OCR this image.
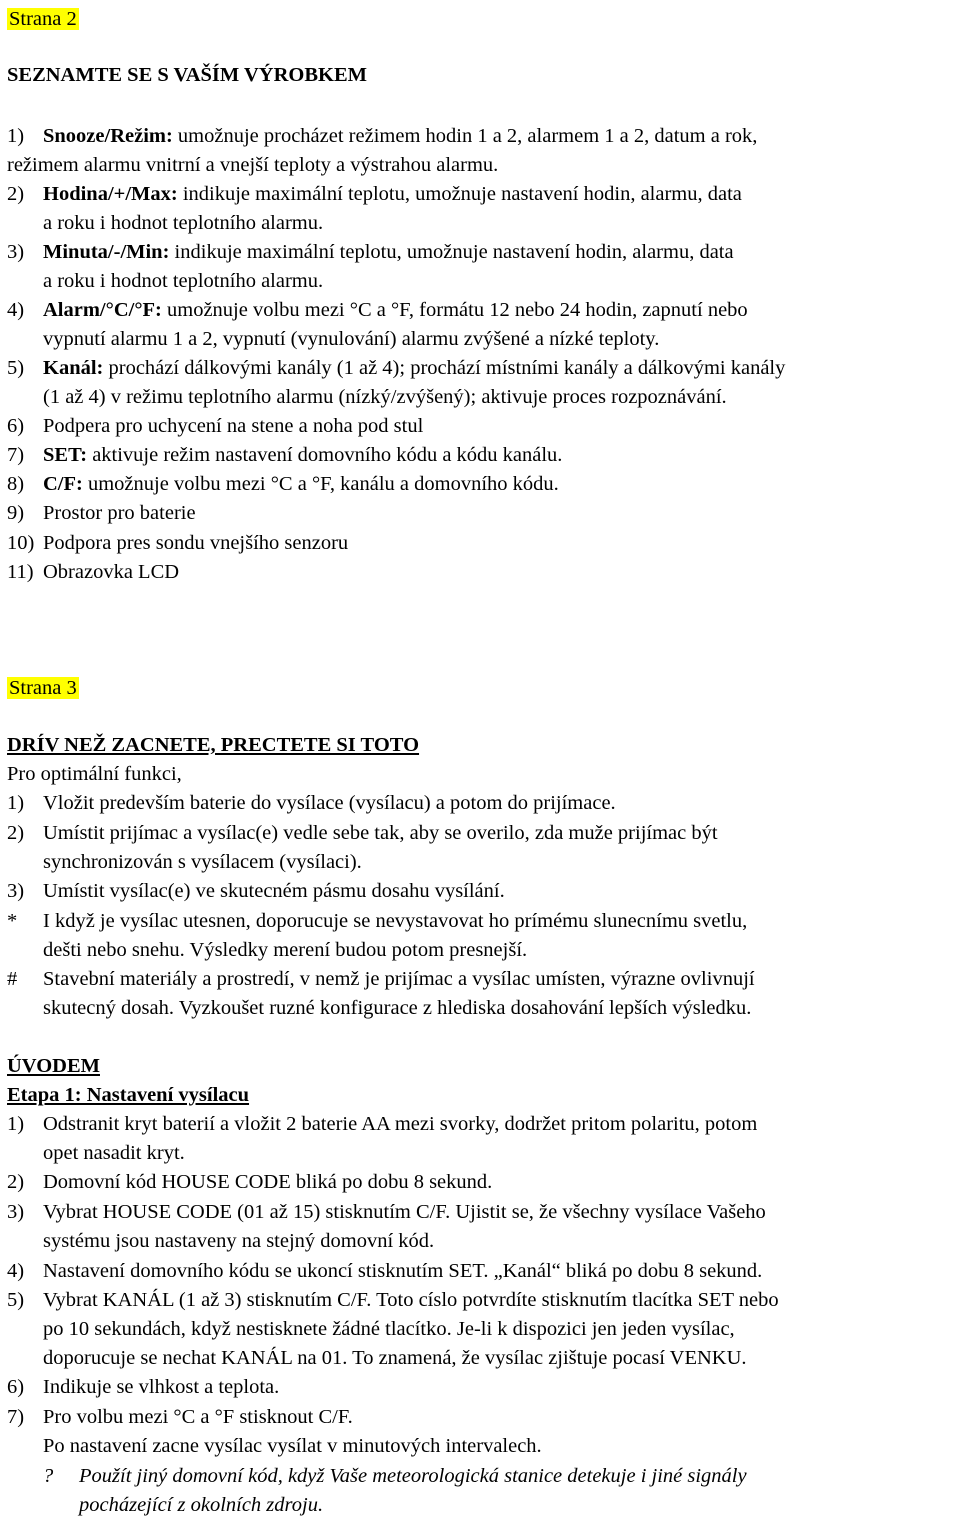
Strana 2
SEZNAMTE SE S VAŠÍM VÝROBKEM
1) Snooze/Režim: umožnuje procházet režimem hodin 1 a 2, alarmem 1 a 2, datum a rok,
režimem alarmu vnitrní a vnejší teploty a výstrahou alarmu.
2) Hodina/+/Max: indikuje maximální teplotu, umožnuje nastavení hodin, alarmu, data
a roku i hodnot teplotního alarmu.
3) Minuta/-/Min: indikuje maximální teplotu, umožnuje nastavení hodin, alarmu, data
a roku i hodnot teplotního alarmu.
4) Alarm/°C/°F: umožnuje volbu mezi °C a °F, formátu 12 nebo 24 hodin, zapnutí nebo
vypnutí alarmu 1 a 2, vypnutí (vynulování) alarmu zvýšené a nízké teploty.
5) Kanál: prochází dálkovými kanály (1 až 4); prochází místními kanály a dálkovými kanály
(1 až 4) v režimu teplotního alarmu (nízký/zvýšený); aktivuje proces rozpoznávání.
6) Podpera pro uchycení na stene a noha pod stul
7) SET: aktivuje režim nastavení domovního kódu a kódu kanálu.
8) C/F: umožnuje volbu mezi °C a °F, kanálu a domovního kódu.
9) Prostor pro baterie
10) Podpora pres sondu vnejšího senzoru
11) Obrazovka LCD
Strana 3
DRÍV NEŽ ZACNETE, PRECTETE SI TOTO
Pro optimální funkci,
1) Vložit predevším baterie do vysílace (vysílacu) a potom do prijímace.
2) Umístit prijímac a vysílac(e) vedle sebe tak, aby se overilo, zda muže prijímac být
synchronizován s vysílacem (vysílaci).
3) Umístit vysílac(e) ve skutecném pásmu dosahu vysílání.
* I když je vysílac utesnen, doporucuje se nevystavovat ho prímému slunecnímu svetlu,
dešti nebo snehu. Výsledky merení budou potom presnejší.
# Stavební materiály a prostredí, v nemž je prijímac a vysílac umísten, výrazne ovlivnují
skutecný dosah. Vyzkoušet ruzné konfigurace z hlediska dosahování lepších výsledku.
ÚVODEM
Etapa 1: Nastavení vysílacu
1) Odstranit kryt baterií a vložit 2 baterie AA mezi svorky, dodržet pritom polaritu, potom
opet nasadit kryt.
2) Domovní kód HOUSE CODE bliká po dobu 8 sekund.
3) Vybrat HOUSE CODE (01 až 15) stisknutím C/F. Ujistit se, že všechny vysílace Vašeho
systému jsou nastaveny na stejný domovní kód.
4) Nastavení domovního kódu se ukoncí stisknutím SET. „Kanál“ bliká po dobu 8 sekund.
5) Vybrat KANÁL (1 až 3) stisknutím C/F. Toto císlo potvrdíte stisknutím tlacítka SET nebo
po 10 sekundách, když nestisknete žádné tlacítko. Je-li k dispozici jen jeden vysílac,
doporucuje se nechat KANÁL na 01. To znamená, že vysílac zjištuje pocasí VENKU.
6) Indikuje se vlhkost a teplota.
7) Pro volbu mezi °C a °F stisknout C/F.
Po nastavení zacne vysílac vysílat v minutových intervalech.
? Použít jiný domovní kód, když Vaše meteorologická stanice detekuje i jiné signály
pocházející z okolních zdroju.
